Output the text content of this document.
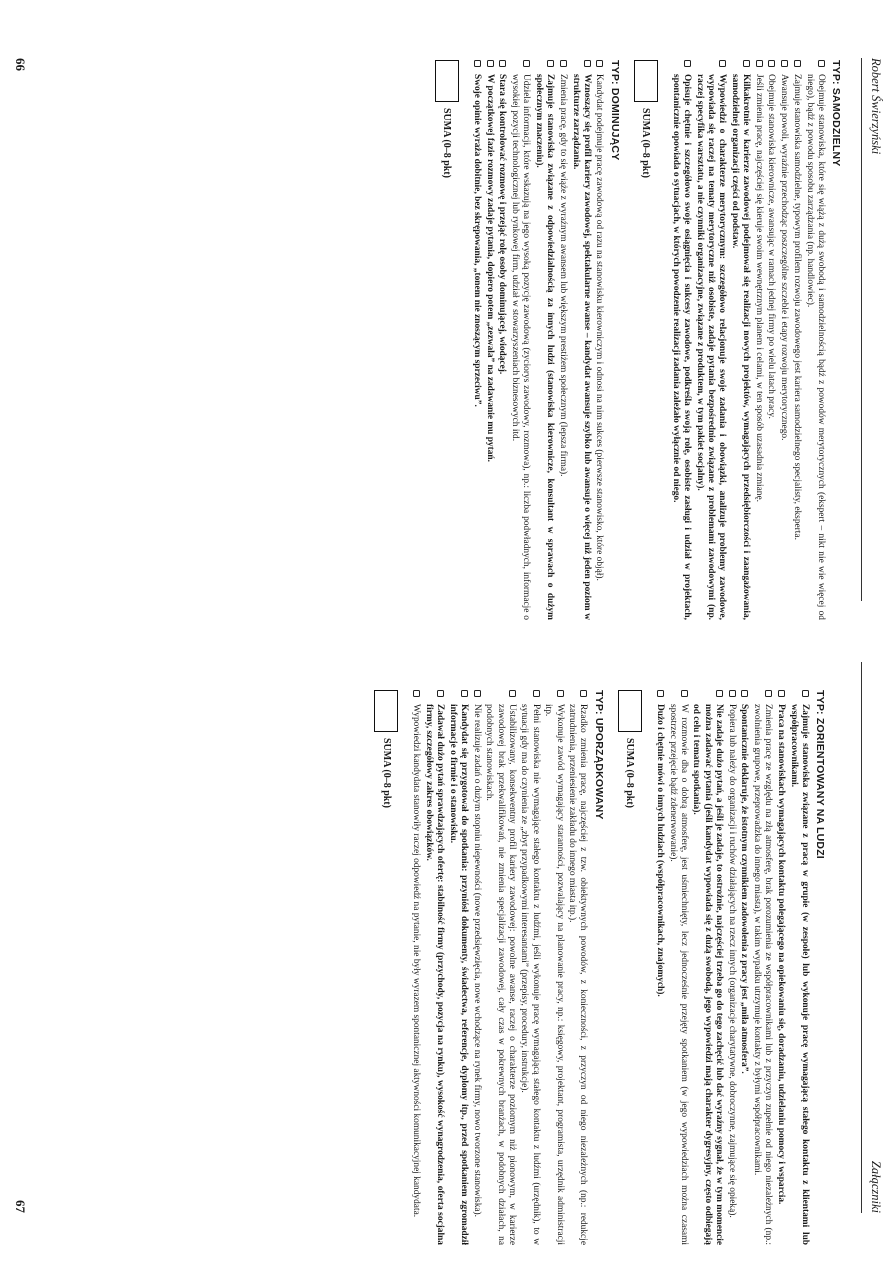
Robert Świerzyński
TYP: SAMODZIELNY
Obejmuje stanowiska, które się wiążą z dużą swobodą i samodzielnością bądź z powodów merytorycznych (ekspert – nikt nie wie więcej od niego), bądź z powodu sposobu zarządzania (np. handlowiec).
Zajmuje stanowiska samodzielne, typowym profilem rozwoju zawodowego jest kariera samodzielnego specjalisty, eksperta.
Awansuje powoli, wyraźnie przechodząc poszczególne szczeble i etapy rozwoju merytorycznego.
Obejmuje stanowiska kierownicze, awansując w ramach jednej firmy po wielu latach pracy.
Jeśli zmienia pracę, najczęściej się kieruje swoim wewnętrznym planem i celami, w ten sposób uzasadnia zmianę.
Kilkakrotnie w karierze zawodowej podejmował się realizacji nowych projektów, wymagających przedsiębiorczości i zaangażowania, samodzielnej organizacji części od podstaw.
Wypowiedzi o charakterze merytorycznym: szczegółowo relacjonuje swoje zadania i obowiązki, analizuje problemy zawodowe, wypowiada się raczej na tematy merytoryczne niż osobiste, zadaje pytania bezpośrednio związane z problemami zawodowymi (np. raczej specyfika warsztatu, a nie czynniki organizacyjne, związane z produktem, w tym pakiet socjalny).
Opisuje chętnie i szczegółowo swoje osiągnięcia i sukcesy zawodowe, podkreśla swoją rolę, osobiste zasługi i udział w projektach, spontanicznie opowiada o sytuacjach, w których powodzenie realizacji zadania zależało wyłącznie od niego.
SUMA (0–8 pkt)
TYP: DOMINUJĄCY
Kandydat podejmuje pracę zawodową od razu na stanowisku kierowniczym i odnosi na nim sukces (pierwsze stanowisko, które objął).
Wznoszący się profil kariery zawodowej, spektakularne awanse – kandydat awansuje szybko lub awansuje o więcej niż jeden poziom w strukturze zarządzania.
Zmienia pracę, gdy to się wiąże z wyraźnym awansem lub większym prestiżem społecznym (lepsza firma).
Zajmuje stanowiska związane z odpowiedzialnością za innych ludzi (stanowiska kierownicze, konsultant w sprawach o dużym społecznym znaczeniu).
Udziela informacji, które wskazują na jego wysoką pozycję zawodową (zyciorys zawodowy, rozmowa), np.: liczba podwładnych, informacje o wysokiej pozycji technologicznej lub rynkowej firm, udział w stowarzyszeniach biznesowych itd.
Stara się kontrolować rozmowę i przejąć rolę osoby dominującej, wiodącej.
W początkowej fazie rozmowy zadaje pytania, dopiero potem „zezwala” na zadawanie mu pytań.
Swoje opinie wyraża dobitnie, bez skrępowania, „tonem nie znoszącym sprzeciwu”.
SUMA (0–8 pkt)
66
Załączniki
TYP: ZORIENTOWANY NA LUDZI
Zajmuje stanowiska związane z pracą w grupie (w zespole) lub wykonuje pracę wymagającą stałego kontaktu z klientami lub współpracownikami.
Praca na stanowiskach wymagających kontaktu polegającego na opiekowaniu się, doradzaniu, udzielaniu pomocy i wsparcia.
Zmienia pracę ze względu na złą atmosferę, brak porozumienia ze współpracownikami lub z przyczyn zupełnie od niego niezależnych (np.: zwolnienia grupowe, przeprowadzka do innego miasta), w takim wypadku utrzymuje kontakty z byłymi współpracownikami.
Spontanicznie deklaruje, że istotnym czynnikiem zadowolenia z pracy jest „miła atmosfera”.
Popiera lub należy do organizacji i ruchów działających na rzecz innych (organizacje charytatywne, dobroczynne, zajmujące się opieką).
Nie zadaje dużo pytań, a jeśli je zadaje, to ostrożnie, najczęściej trzeba go do tego zachęcić lub dać wyraźny sygnał, że w tym momencie można zadawać pytania (jeśli kandydat wypowiada się z dużą swobodą, jego wypowiedzi mają charakter dygresyjny, często odbiegają od celu i tematu spotkania).
W rozmowie dba o dobrą atmosferę, jest uśmiechnięty, lecz jednocześnie przejęty spotkaniem (w jego wypowiedziach można czasami spostrzec przejęcie bądź zdenerwowanie).
Dużo i chętnie mówi o innych ludziach (współpracownikach, znajomych).
SUMA (0–8 pkt)
TYP: UPORZĄDKOWANY
Rzadko zmienia pracę, najczęściej z tzw. obiektywnych powodów, z konieczności, z przyczyn od niego niezależnych (np.: redukcje zatrudnienia, przeniesienie zakładu do innego miasta itp.).
Wykonuje zawód wymagający staranności, pozwalający na planowanie pracy, np.: księgowy, projektant, programista, urzędnik administracji itp.
Pełni stanowiska nie wymagające stałego kontaktu z ludźmi, jeśli wykonuje pracę wymagającą stałego kontaktu z ludźmi (urzędnik), to w sytuacji gdy ma do czynienia ze „zbyt przypadkowymi interesantami” (przepisy, procedury, instrukcje).
Ustabilizowany, konsekwentny profil kariery zawodowej: powolne awanse, raczej o charakterze poziomym niż pionowym, w karierze zawodowej brak przekwalifikowań, nie zmienia specjalizacji zawodowej, cały czas w pokrewnych branżach, w podobnych działach, na podobnych stanowiskach.
Nie realizuje zadań o dużym stopniu niepewności (nowe przedsięwzięcia, nowe wchodzące na rynek firmy, nowo tworzone stanowiska).
Kandydat się przygotował do spotkania: przyniósł dokumenty, świadectwa, referencje, dyplomy itp., przed spotkaniem zgromadził informacje o firmie i o stanowisku.
Zadawał dużo pytań sprawdzających ofertę: stabilność firmy (przychody, pozycja na rynku), wysokość wynagrodzenia, oferta socjalna firmy, szczegółowy zakres obowiązków.
Wypowiedzi kandydata stanowiły raczej odpowiedź na pytanie, nie były wyrazem spontanicznej aktywności komunikacyjnej kandydata.
SUMA (0–8 pkt)
67
